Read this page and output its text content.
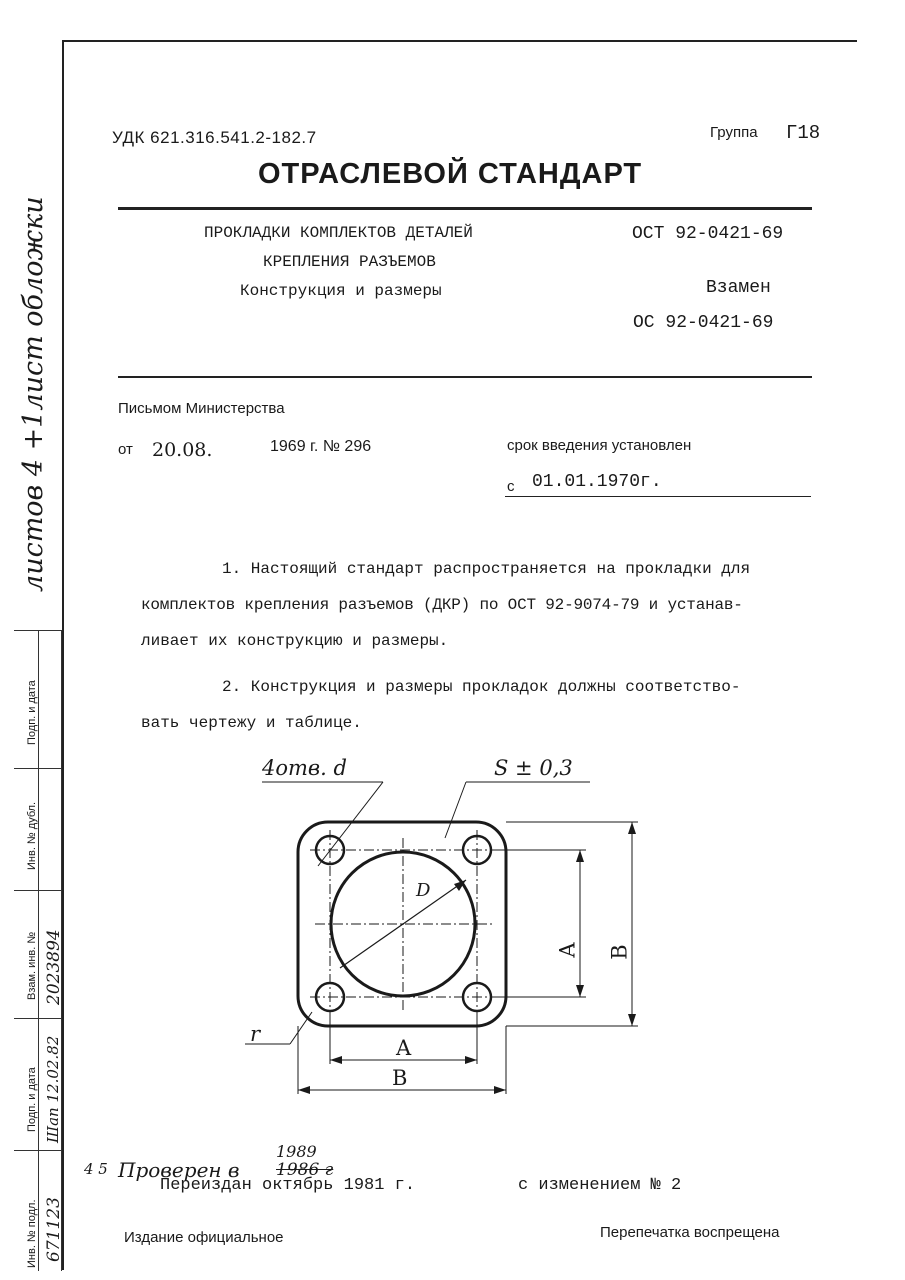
листов 4 +1лист обложки
Подп. и дата
Инв. № дубл.
Взам. инв. № 2023894
Подп. и дата Шап 12.02.82
Инв. № подл. 671123
УДК 621.316.541.2-182.7	Группа Г18
ОТРАСЛЕВОЙ СТАНДАРТ
ПРОКЛАДКИ КОМПЛЕКТОВ ДЕТАЛЕЙ
КРЕПЛЕНИЯ РАЗЪЕМОВ
Конструкция и размеры
ОСТ 92-0421-69
Взамен
ОС 92-0421-69
Письмом Министерства
от 20.08.	1969 г. № 296	срок введения установлен
с 01.01.1970г.
1. Настоящий стандарт распространяется на прокладки для
комплектов крепления разъемов (ДКР) по ОСТ 92-9074-79 и устанав-
ливает их конструкцию и размеры.
2. Конструкция и размеры прокладок должны соответство-
вать чертежу и таблице.
4отв. d	S ± 0,3
D
r
A
B
A B
4 5 Проверен в
1989
1986 г
Переиздан октябрь 1981 г.	с изменением № 2
Издание официальное	Перепечатка воспрещена
